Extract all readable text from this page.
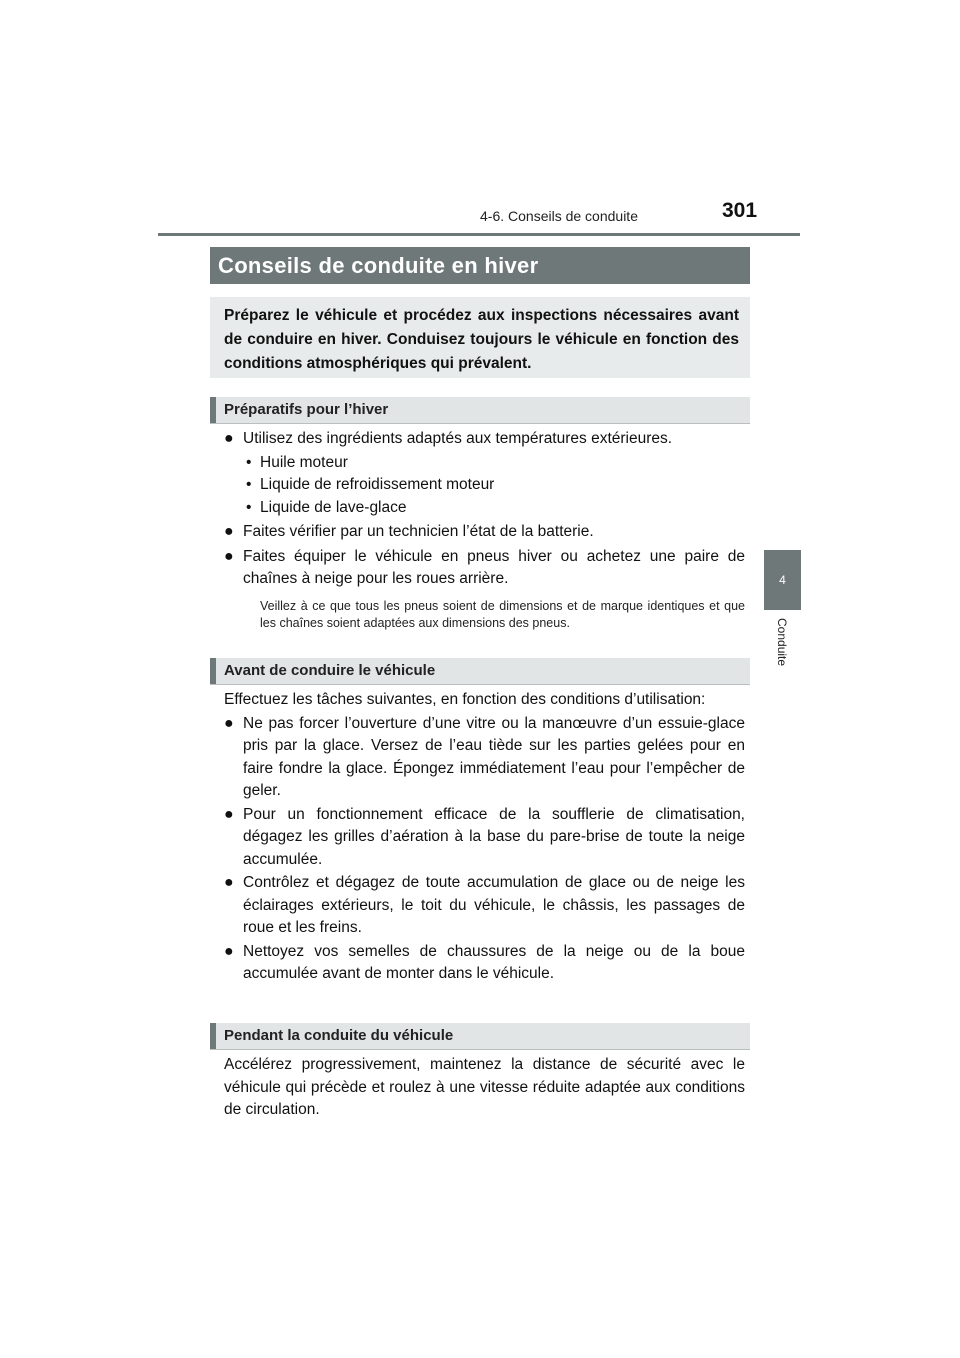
4-6. Conseils de conduite	301
4
Conduite
Conseils de conduite en hiver
Préparez le véhicule et procédez aux inspections nécessaires avant de conduire en hiver. Conduisez toujours le véhicule en fonction des conditions atmosphériques qui prévalent.
Préparatifs pour l’hiver
● Utilisez des ingrédients adaptés aux températures extérieures.
• Huile moteur
• Liquide de refroidissement moteur
• Liquide de lave-glace
● Faites vérifier par un technicien l’état de la batterie.
● Faites équiper le véhicule en pneus hiver ou achetez une paire de chaînes à neige pour les roues arrière.
Veillez à ce que tous les pneus soient de dimensions et de marque identiques et que les chaînes soient adaptées aux dimensions des pneus.
Avant de conduire le véhicule
Effectuez les tâches suivantes, en fonction des conditions d’utilisation:
● Ne pas forcer l’ouverture d’une vitre ou la manœuvre d’un essuie-glace pris par la glace. Versez de l’eau tiède sur les parties gelées pour en faire fondre la glace. Épongez immédiatement l’eau pour l’empêcher de geler.
● Pour un fonctionnement efficace de la soufflerie de climatisation, dégagez les grilles d’aération à la base du pare-brise de toute la neige accumulée.
● Contrôlez et dégagez de toute accumulation de glace ou de neige les éclairages extérieurs, le toit du véhicule, le châssis, les passages de roue et les freins.
● Nettoyez vos semelles de chaussures de la neige ou de la boue accumulée avant de monter dans le véhicule.
Pendant la conduite du véhicule
Accélérez progressivement, maintenez la distance de sécurité avec le véhicule qui précède et roulez à une vitesse réduite adaptée aux conditions de circulation.
